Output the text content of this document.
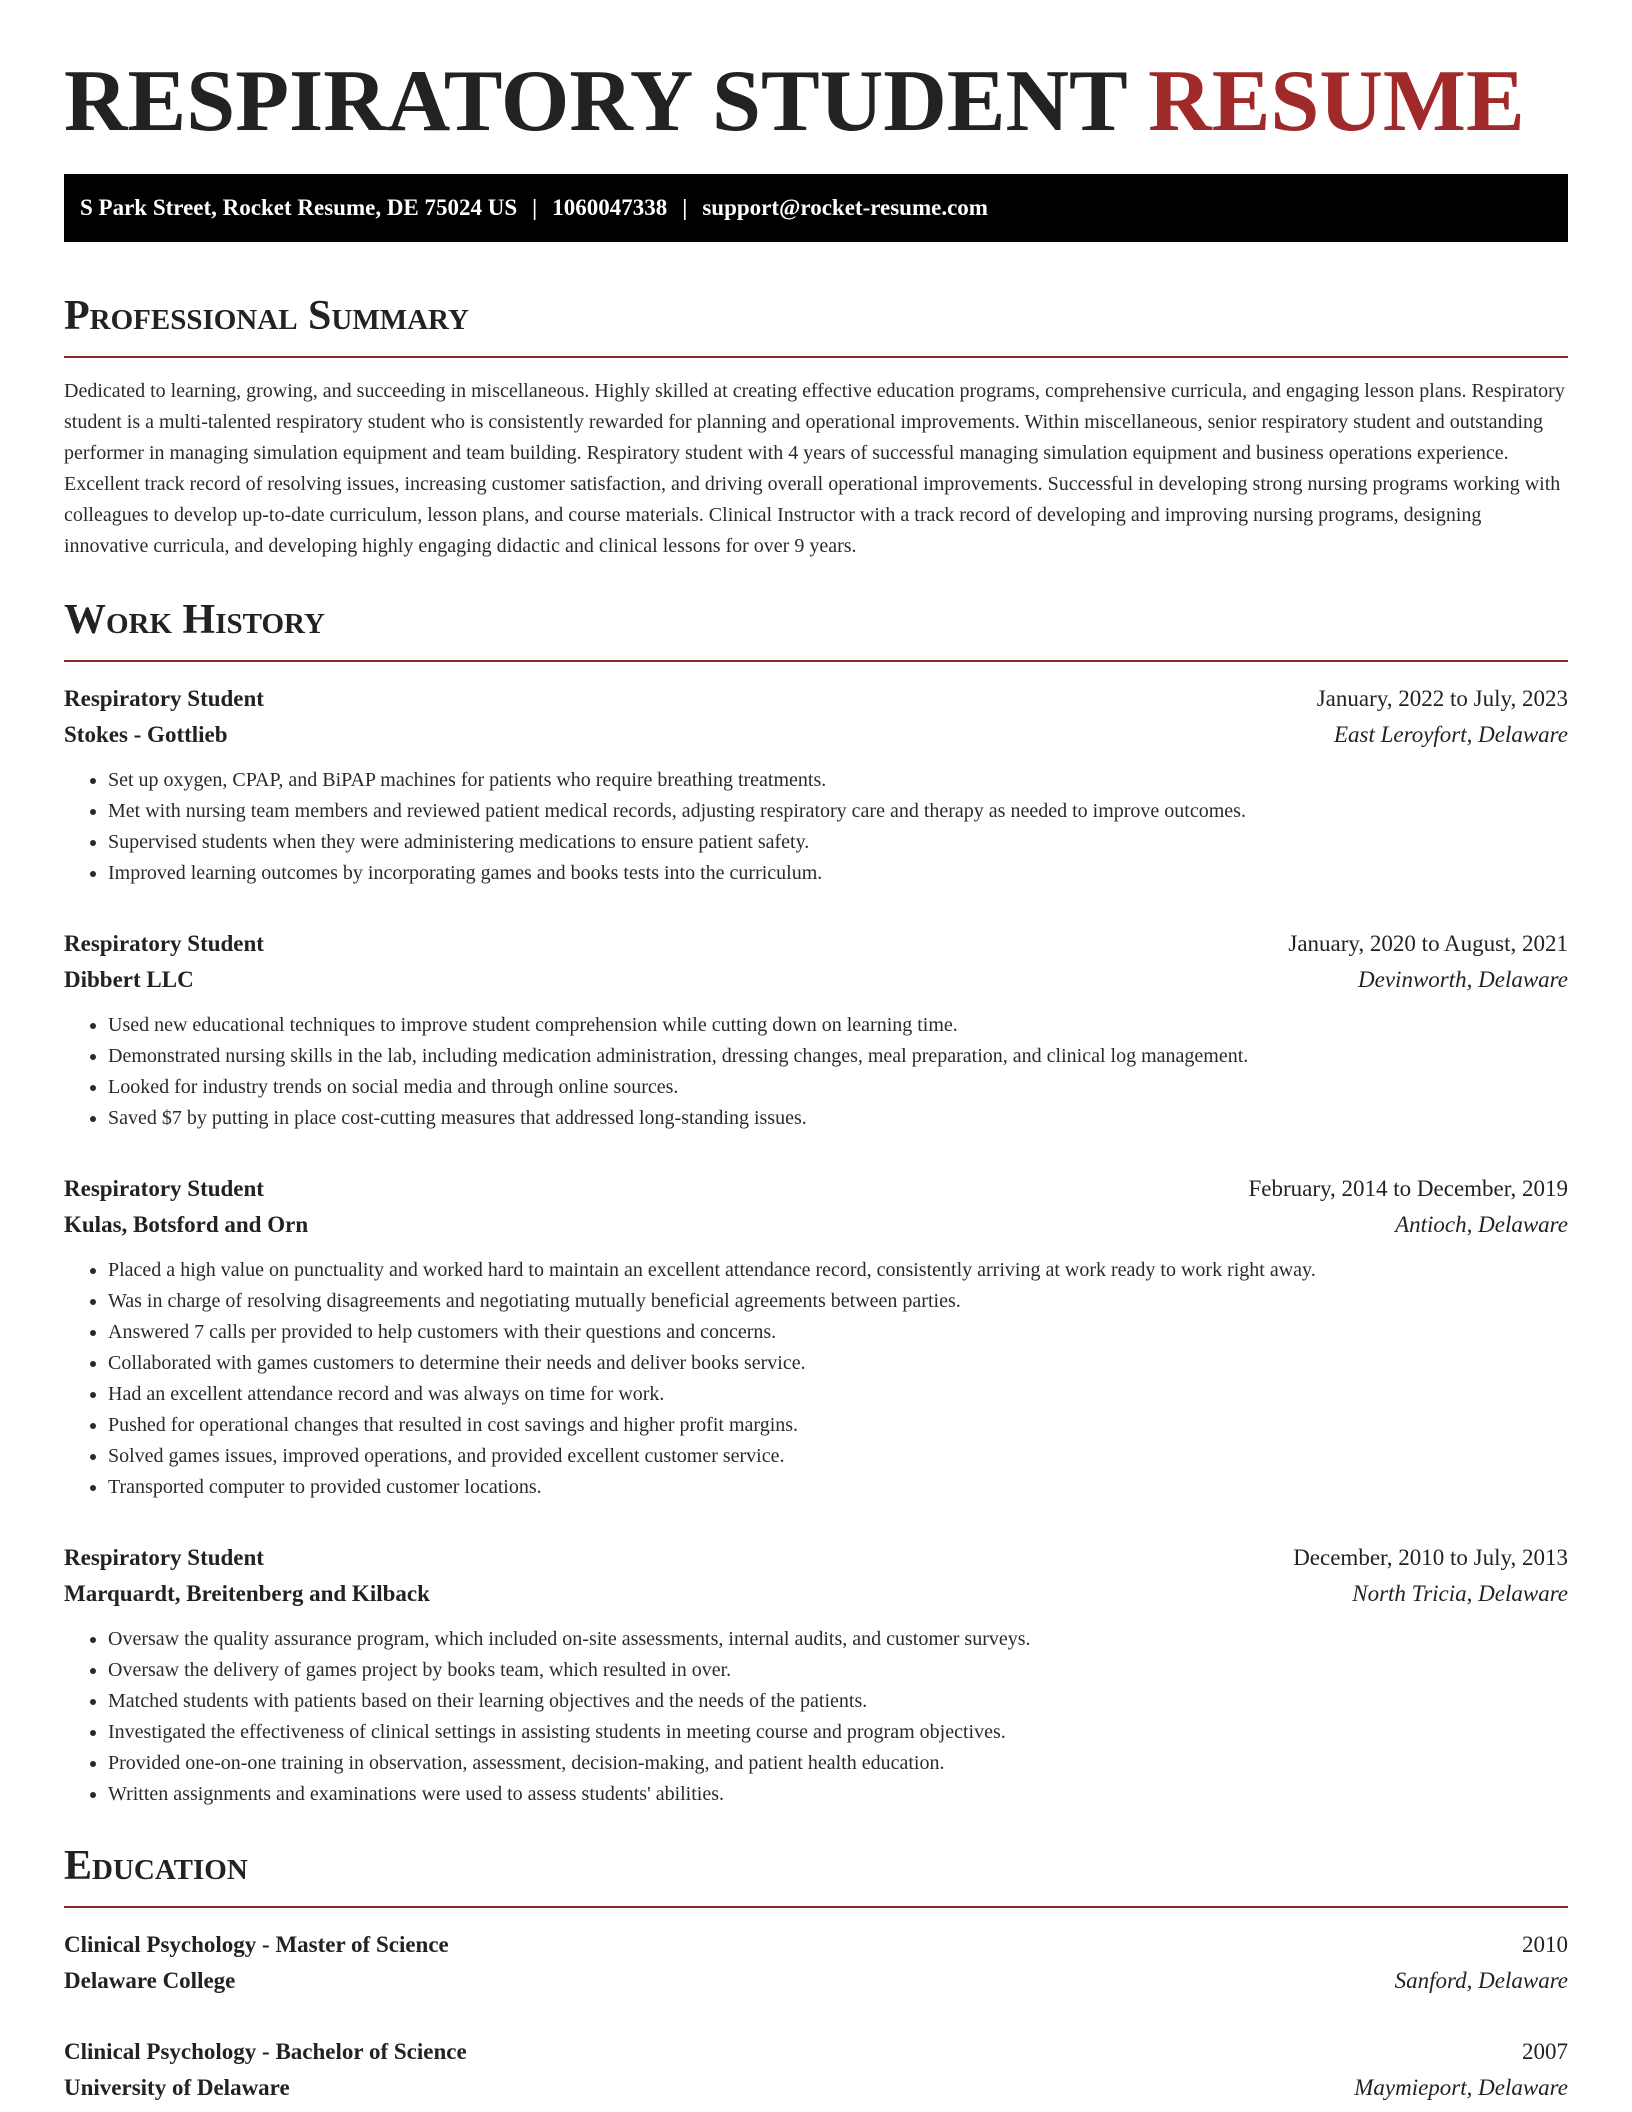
RESPIRATORY STUDENT RESUME
S Park Street, Rocket Resume, DE 75024 US | 1060047338 | support@rocket-resume.com
Professional Summary

Dedicated to learning, growing, and succeeding in miscellaneous. Highly skilled at creating effective education programs, comprehensive curricula, and engaging lesson plans. Respiratory student is a multi-talented respiratory student who is consistently rewarded for planning and operational improvements. Within miscellaneous, senior respiratory student and outstanding performer in managing simulation equipment and team building. Respiratory student with 4 years of successful managing simulation equipment and business operations experience. Excellent track record of resolving issues, increasing customer satisfaction, and driving overall operational improvements. Successful in developing strong nursing programs working with colleagues to develop up-to-date curriculum, lesson plans, and course materials. Clinical Instructor with a track record of developing and improving nursing programs, designing innovative curricula, and developing highly engaging didactic and clinical lessons for over 9 years.

Work History
Respiratory Student	January, 2022 to July, 2023
Stokes - Gottlieb	East Leroyfort, Delaware
• Set up oxygen, CPAP, and BiPAP machines for patients who require breathing treatments.
• Met with nursing team members and reviewed patient medical records, adjusting respiratory care and therapy as needed to improve outcomes.
• Supervised students when they were administering medications to ensure patient safety.
• Improved learning outcomes by incorporating games and books tests into the curriculum.
Respiratory Student	January, 2020 to August, 2021
Dibbert LLC	Devinworth, Delaware
• Used new educational techniques to improve student comprehension while cutting down on learning time.
• Demonstrated nursing skills in the lab, including medication administration, dressing changes, meal preparation, and clinical log management.
• Looked for industry trends on social media and through online sources.
• Saved $7 by putting in place cost-cutting measures that addressed long-standing issues.
Respiratory Student	February, 2014 to December, 2019
Kulas, Botsford and Orn	Antioch, Delaware
• Placed a high value on punctuality and worked hard to maintain an excellent attendance record, consistently arriving at work ready to work right away.
• Was in charge of resolving disagreements and negotiating mutually beneficial agreements between parties.
• Answered 7 calls per provided to help customers with their questions and concerns.
• Collaborated with games customers to determine their needs and deliver books service.
• Had an excellent attendance record and was always on time for work.
• Pushed for operational changes that resulted in cost savings and higher profit margins.
• Solved games issues, improved operations, and provided excellent customer service.
• Transported computer to provided customer locations.
Respiratory Student	December, 2010 to July, 2013
Marquardt, Breitenberg and Kilback	North Tricia, Delaware
• Oversaw the quality assurance program, which included on-site assessments, internal audits, and customer surveys.
• Oversaw the delivery of games project by books team, which resulted in over.
• Matched students with patients based on their learning objectives and the needs of the patients.
• Investigated the effectiveness of clinical settings in assisting students in meeting course and program objectives.
• Provided one-on-one training in observation, assessment, decision-making, and patient health education.
• Written assignments and examinations were used to assess students' abilities.
Education
Clinical Psychology - Master of Science	2010
Delaware College	Sanford, Delaware
Clinical Psychology - Bachelor of Science	2007
University of Delaware	Maymieport, Delaware
